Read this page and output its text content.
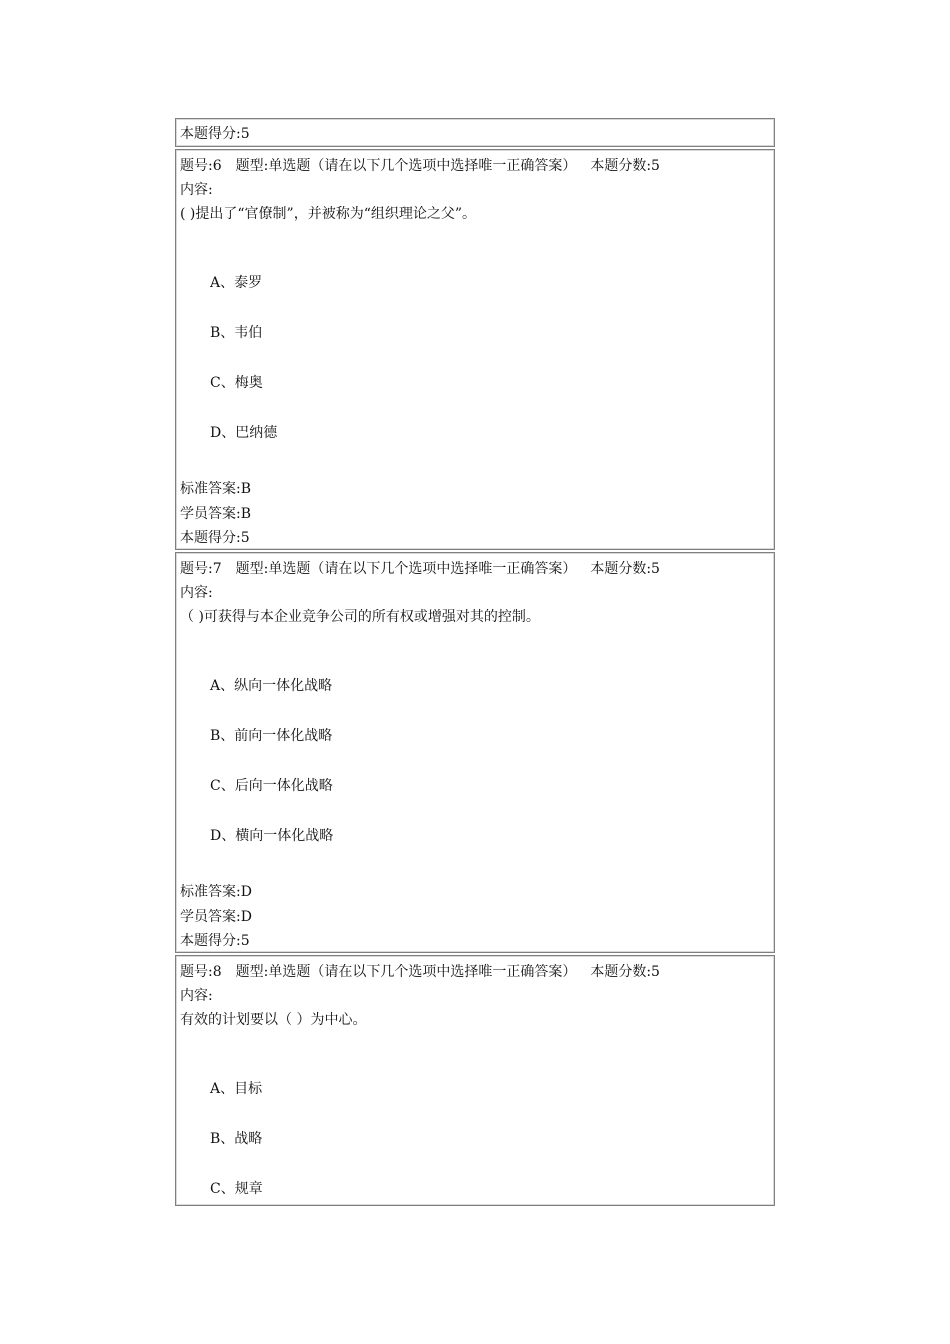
本题得分:5
题号:6 题型:单选题（请在以下几个选项中选择唯一正确答案） 本题分数:5
内容:
( )提出了“官僚制”，并被称为“组织理论之父”。
A、泰罗
B、韦伯
C、梅奥
D、巴纳德
标准答案:B
学员答案:B
本题得分:5
题号:7 题型:单选题（请在以下几个选项中选择唯一正确答案） 本题分数:5
内容:
（ )可获得与本企业竞争公司的所有权或增强对其的控制。
A、纵向一体化战略
B、前向一体化战略
C、后向一体化战略
D、横向一体化战略
标准答案:D
学员答案:D
本题得分:5
题号:8 题型:单选题（请在以下几个选项中选择唯一正确答案） 本题分数:5
内容:
有效的计划要以（ ）为中心。
A、目标
B、战略
C、规章
